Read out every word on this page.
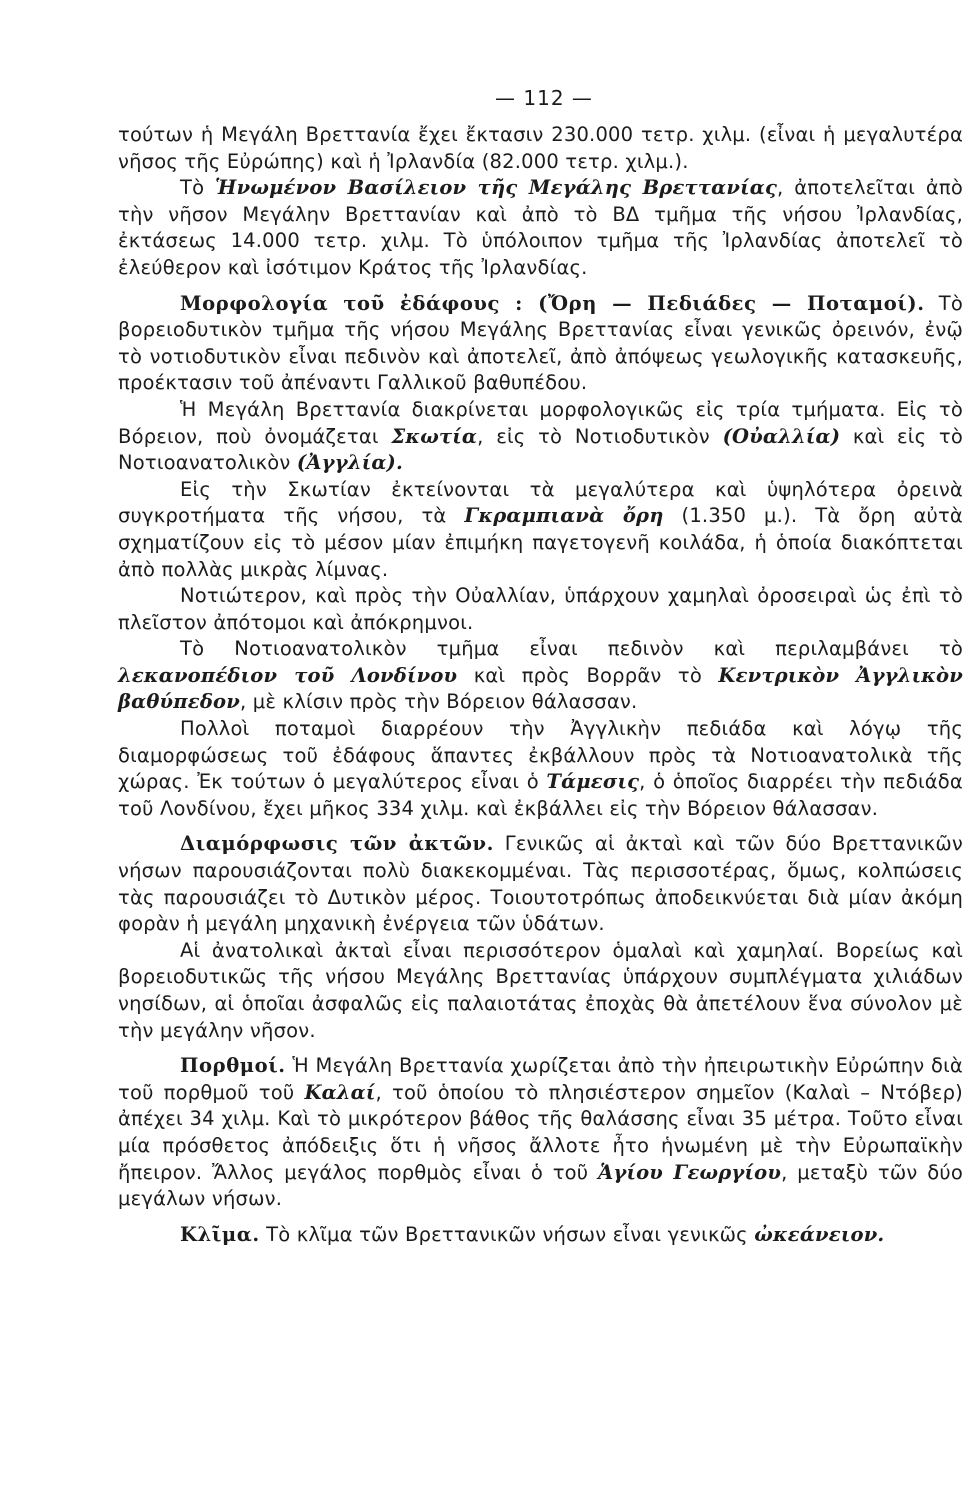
— 112 —

τούτων ἡ Μεγάλη Βρεττανία ἔχει ἔκτασιν 230.000 τετρ. χιλμ. (εἶναι ἡ μεγαλυτέρα νῆσος τῆς Εὐρώπης) καὶ ἡ Ἰρλανδία (82.000 τετρ. χιλμ.).

Τὸ Ἡνωμένον Βασίλειον τῆς Μεγάλης Βρεττανίας, ἀποτελεῖται ἀπὸ τὴν νῆσον Μεγάλην Βρεττανίαν καὶ ἀπὸ τὸ ΒΔ τμῆμα τῆς νήσου Ἰρλανδίας, ἐκτάσεως 14.000 τετρ. χιλμ. Τὸ ὑπόλοιπον τμῆμα τῆς Ἰρλανδίας ἀποτελεῖ τὸ ἐλεύθερον καὶ ἰσότιμον Κράτος τῆς Ἰρλανδίας.

Μορφολογία τοῦ ἐδάφους : (Ὄρη — Πεδιάδες — Ποταμοί). Τὸ βορειοδυτικὸν τμῆμα τῆς νήσου Μεγάλης Βρεττανίας εἶναι γενικῶς ὀρεινόν, ἐνῷ τὸ νοτιοδυτικὸν εἶναι πεδινὸν καὶ ἀποτελεῖ, ἀπὸ ἀπόψεως γεωλογικῆς κατασκευῆς, προέκτασιν τοῦ ἀπέναντι Γαλλικοῦ βαθυπέδου.

Ἡ Μεγάλη Βρεττανία διακρίνεται μορφολογικῶς εἰς τρία τμήματα. Εἰς τὸ Βόρειον, ποὺ ὀνομάζεται Σκωτία, εἰς τὸ Νοτιοδυτικὸν (Οὐαλλία) καὶ εἰς τὸ Νοτιοανατολικὸν (Ἀγγλία).

Εἰς τὴν Σκωτίαν ἐκτείνονται τὰ μεγαλύτερα καὶ ὑψηλότερα ὀρεινὰ συγκροτήματα τῆς νήσου, τὰ Γκραμπιανὰ ὄρη (1.350 μ.). Τὰ ὄρη αὐτὰ σχηματίζουν εἰς τὸ μέσον μίαν ἐπιμήκη παγετογενῆ κοιλάδα, ἡ ὁποία διακόπτεται ἀπὸ πολλὰς μικρὰς λίμνας.

Νοτιώτερον, καὶ πρὸς τὴν Οὐαλλίαν, ὑπάρχουν χαμηλαὶ ὀροσειραὶ ὡς ἐπὶ τὸ πλεῖστον ἀπότομοι καὶ ἀπόκρημνοι.

Τὸ Νοτιοανατολικὸν τμῆμα εἶναι πεδινὸν καὶ περιλαμβάνει τὸ λεκανοπέδιον τοῦ Λονδίνου καὶ πρὸς Βορρᾶν τὸ Κεντρικὸν Ἀγγλικὸν βαθύπεδον, μὲ κλίσιν πρὸς τὴν Βόρειον θάλασσαν.

Πολλοὶ ποταμοὶ διαρρέουν τὴν Ἀγγλικὴν πεδιάδα καὶ λόγῳ τῆς διαμορφώσεως τοῦ ἐδάφους ἅπαντες ἐκβάλλουν πρὸς τὰ Νοτιοανατολικὰ τῆς χώρας. Ἐκ τούτων ὁ μεγαλύτερος εἶναι ὁ Τάμεσις, ὁ ὁποῖος διαρρέει τὴν πεδιάδα τοῦ Λονδίνου, ἔχει μῆκος 334 χιλμ. καὶ ἐκβάλλει εἰς τὴν Βόρειον θάλασσαν.

Διαμόρφωσις τῶν ἀκτῶν. Γενικῶς αἱ ἀκταὶ καὶ τῶν δύο Βρεττανικῶν νήσων παρουσιάζονται πολὺ διακεκομμέναι. Τὰς περισσοτέρας, ὅμως, κολπώσεις τὰς παρουσιάζει τὸ Δυτικὸν μέρος. Τοιουτοτρόπως ἀποδεικνύεται διὰ μίαν ἀκόμη φορὰν ἡ μεγάλη μηχανικὴ ἐνέργεια τῶν ὑδάτων.

Αἱ ἀνατολικαὶ ἀκταὶ εἶναι περισσότερον ὁμαλαὶ καὶ χαμηλαί. Βορείως καὶ βορειοδυτικῶς τῆς νήσου Μεγάλης Βρεττανίας ὑπάρχουν συμπλέγματα χιλιάδων νησίδων, αἱ ὁποῖαι ἀσφαλῶς εἰς παλαιοτάτας ἐποχὰς θὰ ἀπετέλουν ἕνα σύνολον μὲ τὴν μεγάλην νῆσον.

Πορθμοί. Ἡ Μεγάλη Βρεττανία χωρίζεται ἀπὸ τὴν ἠπειρωτικὴν Εὐρώπην διὰ τοῦ πορθμοῦ τοῦ Καλαί, τοῦ ὁποίου τὸ πλησιέστερον σημεῖον (Καλαὶ – Ντόβερ) ἀπέχει 34 χιλμ. Καὶ τὸ μικρότερον βάθος τῆς θαλάσσης εἶναι 35 μέτρα. Τοῦτο εἶναι μία πρόσθετος ἀπόδειξις ὅτι ἡ νῆσος ἄλλοτε ἦτο ἡνωμένη μὲ τὴν Εὐρωπαϊκὴν ἤπειρον. Ἄλλος μεγάλος πορθμὸς εἶναι ὁ τοῦ Ἁγίου Γεωργίου, μεταξὺ τῶν δύο μεγάλων νήσων.

Κλῖμα. Τὸ κλῖμα τῶν Βρεττανικῶν νήσων εἶναι γενικῶς ὠκεάνειον.
